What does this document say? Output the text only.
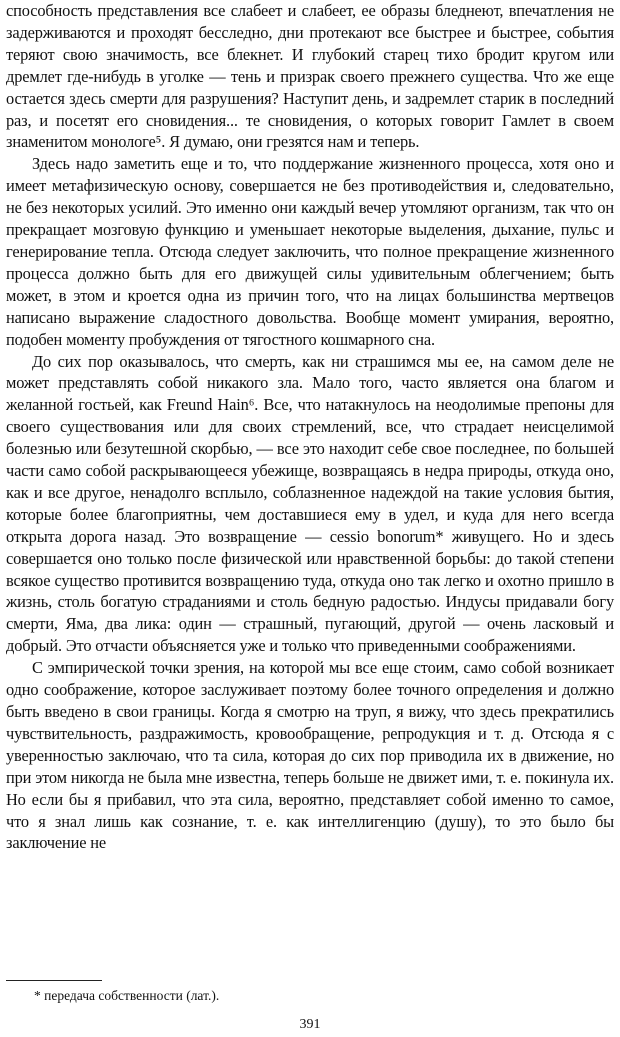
способность представления все слабеет и слабеет, ее образы бледнеют, впечатления не задерживаются и проходят бесследно, дни протекают все быстрее и быстрее, события теряют свою значимость, все блекнет. И глубокий старец тихо бродит кругом или дремлет где-нибудь в уголке — тень и призрак своего прежнего существа. Что же еще остается здесь смерти для разрушения? Наступит день, и задремлет старик в последний раз, и посетят его сновидения... те сновидения, о которых говорит Гамлет в своем знаменитом монологе⁵. Я думаю, они грезятся нам и теперь.

Здесь надо заметить еще и то, что поддержание жизненного процесса, хотя оно и имеет метафизическую основу, совершается не без противодействия и, следовательно, не без некоторых усилий. Это именно они каждый вечер утомляют организм, так что он прекращает мозговую функцию и уменьшает некоторые выделения, дыхание, пульс и генерирование тепла. Отсюда следует заключить, что полное прекращение жизненного процесса должно быть для его движущей силы удивительным облегчением; быть может, в этом и кроется одна из причин того, что на лицах большинства мертвецов написано выражение сладостного довольства. Вообще момент умирания, вероятно, подобен моменту пробуждения от тягостного кошмарного сна.

До сих пор оказывалось, что смерть, как ни страшимся мы ее, на самом деле не может представлять собой никакого зла. Мало того, часто является она благом и желанной гостьей, как Freund Hain⁶. Все, что натакнулось на неодолимые препоны для своего существования или для своих стремлений, все, что страдает неисцелимой болезнью или безутешной скорбью, — все это находит себе свое последнее, по большей части само собой раскрывающееся убежище, возвращаясь в недра природы, откуда оно, как и все другое, ненадолго всплыло, соблазненное надеждой на такие условия бытия, которые более благоприятны, чем доставшиеся ему в удел, и куда для него всегда открыта дорога назад. Это возвращение — cessio bonorum* живущего. Но и здесь совершается оно только после физической или нравственной борьбы: до такой степени всякое существо противится возвращению туда, откуда оно так легко и охотно пришло в жизнь, столь богатую страданиями и столь бедную радостью. Индусы придавали богу смерти, Яма, два лика: один — страшный, пугающий, другой — очень ласковый и добрый. Это отчасти объясняется уже и только что приведенными соображениями.

С эмпирической точки зрения, на которой мы все еще стоим, само собой возникает одно соображение, которое заслуживает поэтому более точного определения и должно быть введено в свои границы. Когда я смотрю на труп, я вижу, что здесь прекратились чувствительность, раздражимость, кровообращение, репродукция и т. д. Отсюда я с уверенностью заключаю, что та сила, которая до сих пор приводила их в движение, но при этом никогда не была мне известна, теперь больше не движет ими, т. е. покинула их. Но если бы я прибавил, что эта сила, вероятно, представляет собой именно то самое, что я знал лишь как сознание, т. е. как интеллигенцию (душу), то это было бы заключение не

* передача собственности (лат.).
391
